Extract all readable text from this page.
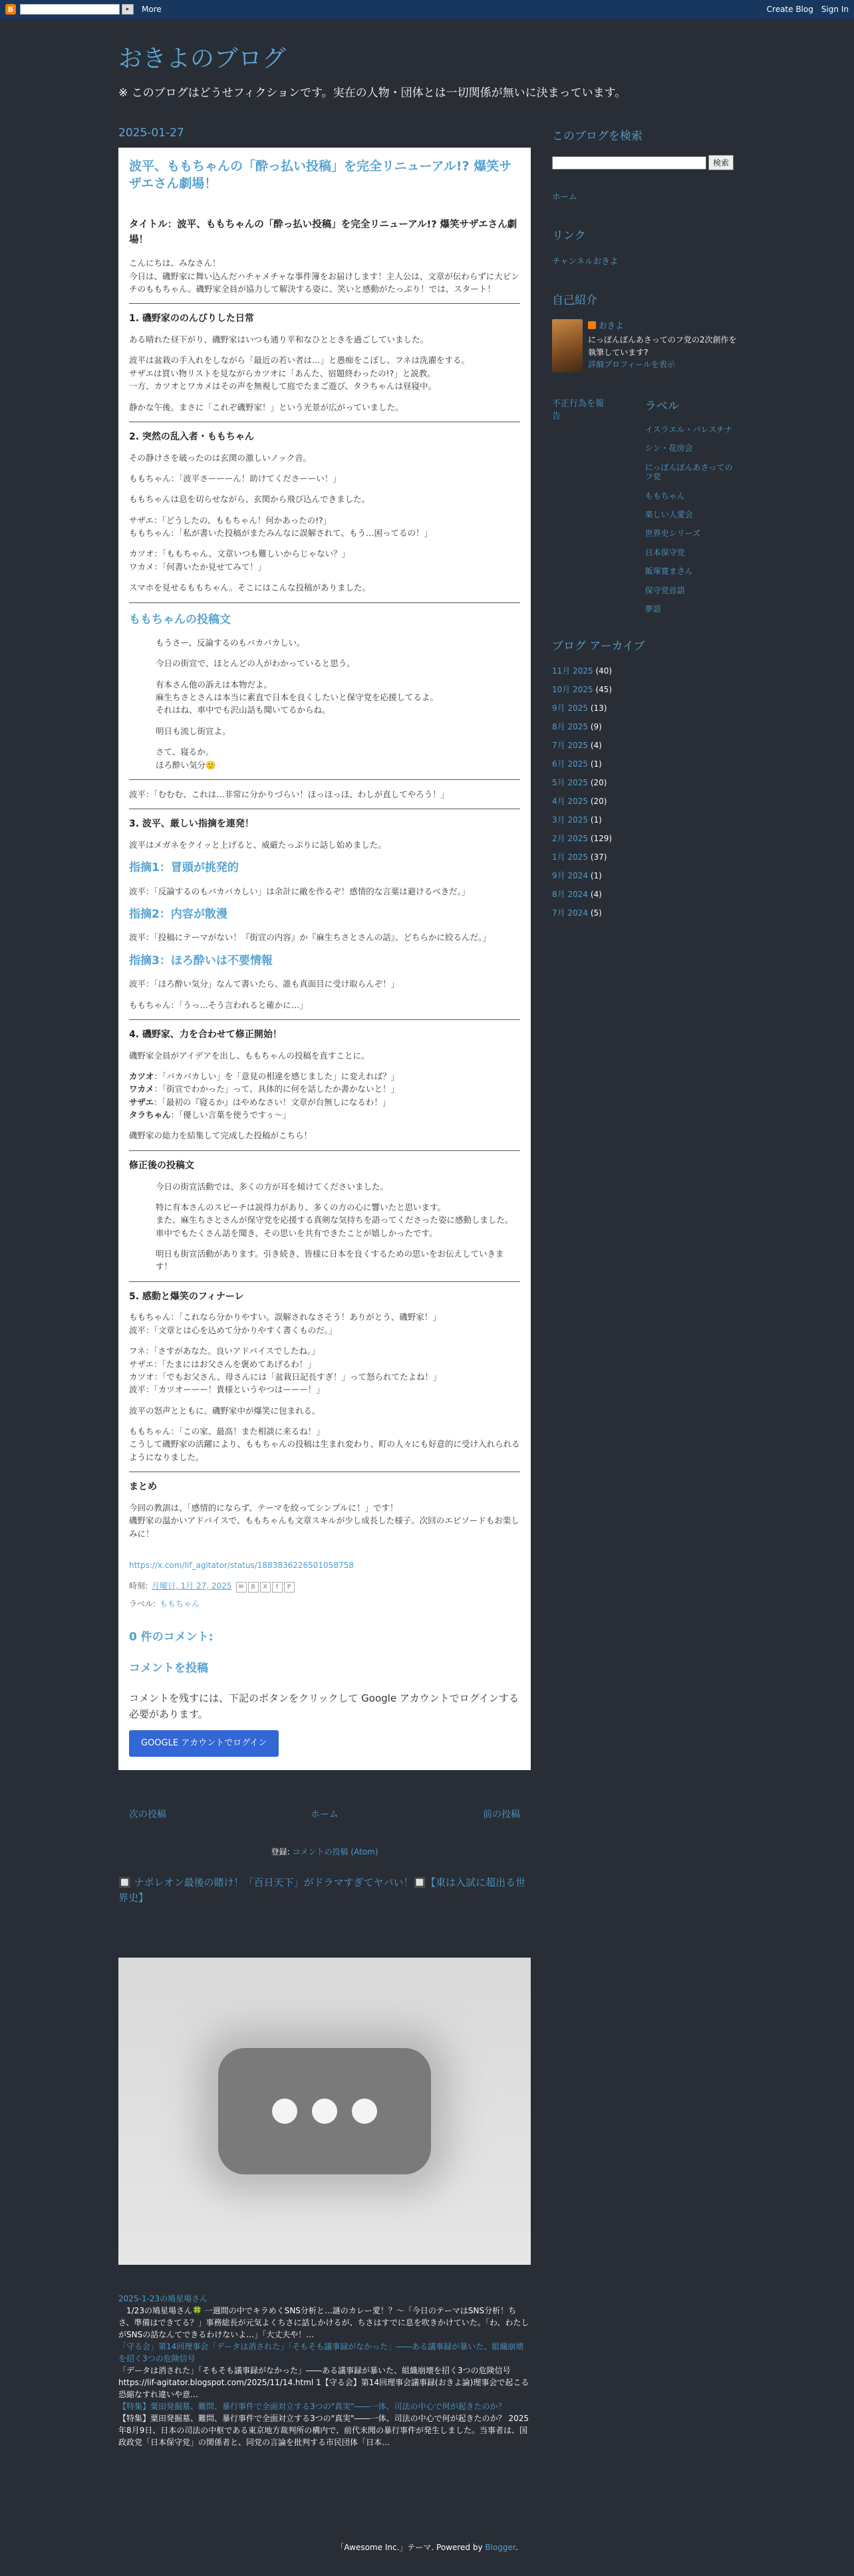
B	▸	More	Create Blog Sign In
おきよのブログ
※ このブログはどうせフィクションです。実在の人物・団体とは一切関係が無いに決まっています。
2025-01-27
波平、ももちゃんの「酔っ払い投稿」を完全リニューアル!? 爆笑サザエさん劇場！
タイトル：波平、ももちゃんの「酔っ払い投稿」を完全リニューアル!? 爆笑サザエさん劇場！

こんにちは、みなさん！
今日は、磯野家に舞い込んだハチャメチャな事件簿をお届けします！主人公は、文章が伝わらずに大ピンチのももちゃん。磯野家全員が協力して解決する姿に、笑いと感動がたっぷり！では、スタート！

1. 磯野家ののんびりした日常

ある晴れた昼下がり、磯野家はいつも通り平和なひとときを過ごしていました。

波平は盆栽の手入れをしながら「最近の若い者は…」と愚痴をこぼし、フネは洗濯をする。
サザエは買い物リストを見ながらカツオに「あんた、宿題終わったの!?」と説教。
一方、カツオとワカメはその声を無視して庭でたまご遊び、タラちゃんは昼寝中。

静かな午後。まさに「これぞ磯野家！」という光景が広がっていました。

2. 突然の乱入者・ももちゃん

その静けさを破ったのは玄関の激しいノック音。

ももちゃん：「波平さーーーん！助けてくださーーい！」

ももちゃんは息を切らせながら、玄関から飛び込んできました。

サザエ：「どうしたの、ももちゃん！何かあったの!?」
ももちゃん：「私が書いた投稿がまたみんなに誤解されて、もう…困ってるの！」

カツオ：「ももちゃん、文章いつも難しいからじゃない？」
ワカメ：「何書いたか見せてみて！」

スマホを見せるももちゃん。そこにはこんな投稿がありました。

ももちゃんの投稿文

もうさー、反論するのもバカバカしい。

今日の街宣で、ほとんどの人がわかっていると思う。

有本さん他の訴えは本物だよ。
麻生ちさとさんは本当に素直で日本を良くしたいと保守党を応援してるよ。
それはね、車中でも沢山話も聞いてるからね。

明日も流し街宣よ。

さて、寝るか。
ほろ酔い気分🙂

波平：「むむむ、これは…非常に分かりづらい！ほっほっほ、わしが直してやろう！」

3. 波平、厳しい指摘を連発！

波平はメガネをクイッと上げると、威厳たっぷりに話し始めました。

指摘1：冒頭が挑発的

波平：「反論するのもバカバカしい」は余計に敵を作るぞ！感情的な言葉は避けるべきだ。」

指摘2：内容が散漫

波平：「投稿にテーマがない！『街宣の内容』か『麻生ちさとさんの話』、どちらかに絞るんだ。」

指摘3：ほろ酔いは不要情報

波平：「ほろ酔い気分」なんて書いたら、誰も真面目に受け取らんぞ！」

ももちゃん：「うっ…そう言われると確かに…」

4. 磯野家、力を合わせて修正開始！

磯野家全員がアイデアを出し、ももちゃんの投稿を直すことに。

カツオ：「バカバカしい」を「意見の相違を感じました」に変えれば？」
ワカメ：「街宣でわかった」って、具体的に何を話したか書かないと！」
サザエ：「最初の『寝るか』はやめなさい！文章が台無しになるわ！」
タラちゃん：「優しい言葉を使うですぅ～」

磯野家の総力を結集して完成した投稿がこちら！

修正後の投稿文

今日の街宣活動では、多くの方が耳を傾けてくださいました。

特に有本さんのスピーチは説得力があり、多くの方の心に響いたと思います。
また、麻生ちさとさんが保守党を応援する真剣な気持ちを語ってくださった姿に感動しました。
車中でもたくさん話を聞き、その思いを共有できたことが嬉しかったです。

明日も街宣活動があります。引き続き、皆様に日本を良くするための思いをお伝えしていきます！

5. 感動と爆笑のフィナーレ

ももちゃん：「これなら分かりやすい。誤解されなさそう！ありがとう、磯野家！」
波平：「文章とは心を込めて分かりやすく書くものだ。」

フネ：「さすがあなた。良いアドバイスでしたね。」
サザエ：「たまにはお父さんを褒めてあげるわ！」
カツオ：「でもお父さん、母さんには「盆栽日記長すぎ！」って怒られてたよね！」
波平：「カツオーーー！貴様というやつはーーー！」

波平の怒声とともに、磯野家中が爆笑に包まれる。

ももちゃん：「この家、最高！また相談に来るね！」
こうして磯野家の活躍により、ももちゃんの投稿は生まれ変わり、町の人々にも好意的に受け入れられるようになりました。

まとめ

今回の教訓は、「感情的にならず、テーマを絞ってシンプルに！」です！
磯野家の温かいアドバイスで、ももちゃんも文章スキルが少し成長した様子。次回のエピソードもお楽しみに！

https://x.com/lif_agitator/status/1883836226501058758

時刻: 月曜日, 1月 27, 2025	✉ B X f P
ラベル: ももちゃん
0 件のコメント:
コメントを投稿
コメントを残すには、下記のボタンをクリックして Google アカウントでログインする必要があります。
GOOGLE アカウントでログイン
次の投稿	ホーム	前の投稿
登録: コメントの投稿 (Atom)
🔲 ナポレオン最後の賭け！「百日天下」がドラマすぎてヤバい！🔲【東は入試に超出る世界史】
2025-1-23の鳩星場さん
　1/23の鳩星場さん🍀 一週間の中でキラめくSNS分析と…謎のカレー愛！？～「今日のテーマはSNS分析！ちさ、準備はできてる？」事務総長が元気よくちさに話しかけるが、ちさはすでに息を吹きかけていた。「わ、わたしがSNSの話なんてできるわけないよ…」「大丈夫や！…
「守る会」第14回理事会「データは消された」「そもそも議事録がなかった」――ある議事録が暴いた、組織崩壊を招く3つの危険信号
「データは消された」「そもそも議事録がなかった」――ある議事録が暴いた、組織崩壊を招く3つの危険信号 https://lif-agitator.blogspot.com/2025/11/14.html 1【守る会】第14回理事会議事録(おきよ論)理事会で起こる恐縮なすれ違いや意…
【特集】粟田発掘墓、難問、暴行事件で全面対立する3つの"真実"――一体、司法の中心で何が起きたのか？
【特集】粟田発掘墓、難問、暴行事件で全面対立する3つの"真実"――一体、司法の中心で何が起きたのか？ 2025年8月9日、日本の司法の中枢である東京地方裁判所の構内で、前代未聞の暴行事件が発生しました。当事者は、国政政党「日本保守党」の関係者と、同党の言論を批判する市民団体「日本…
「Awesome Inc.」テーマ. Powered by Blogger.
このブログを検索
検索
ホーム
リンク
チャンネルおきよ
自己紹介
おきよ
にっぽんぽんあさってのフ党の2次創作を執筆しています?
詳細プロフィールを表示
不正行為を報告
ラベル
イスラエル・パレスチナ
シン・花房会
にっぽんぽんあさってのフ党
ももちゃん
楽しい人愛会
世界史シリーズ
日本保守党
飯塚寛まさん
保守党首語
夢語
ブログ アーカイブ
11月 2025 (40)
10月 2025 (45)
9月 2025 (13)
8月 2025 (9)
7月 2025 (4)
6月 2025 (1)
5月 2025 (20)
4月 2025 (20)
3月 2025 (1)
2月 2025 (129)
1月 2025 (37)
9月 2024 (1)
8月 2024 (4)
7月 2024 (5)
